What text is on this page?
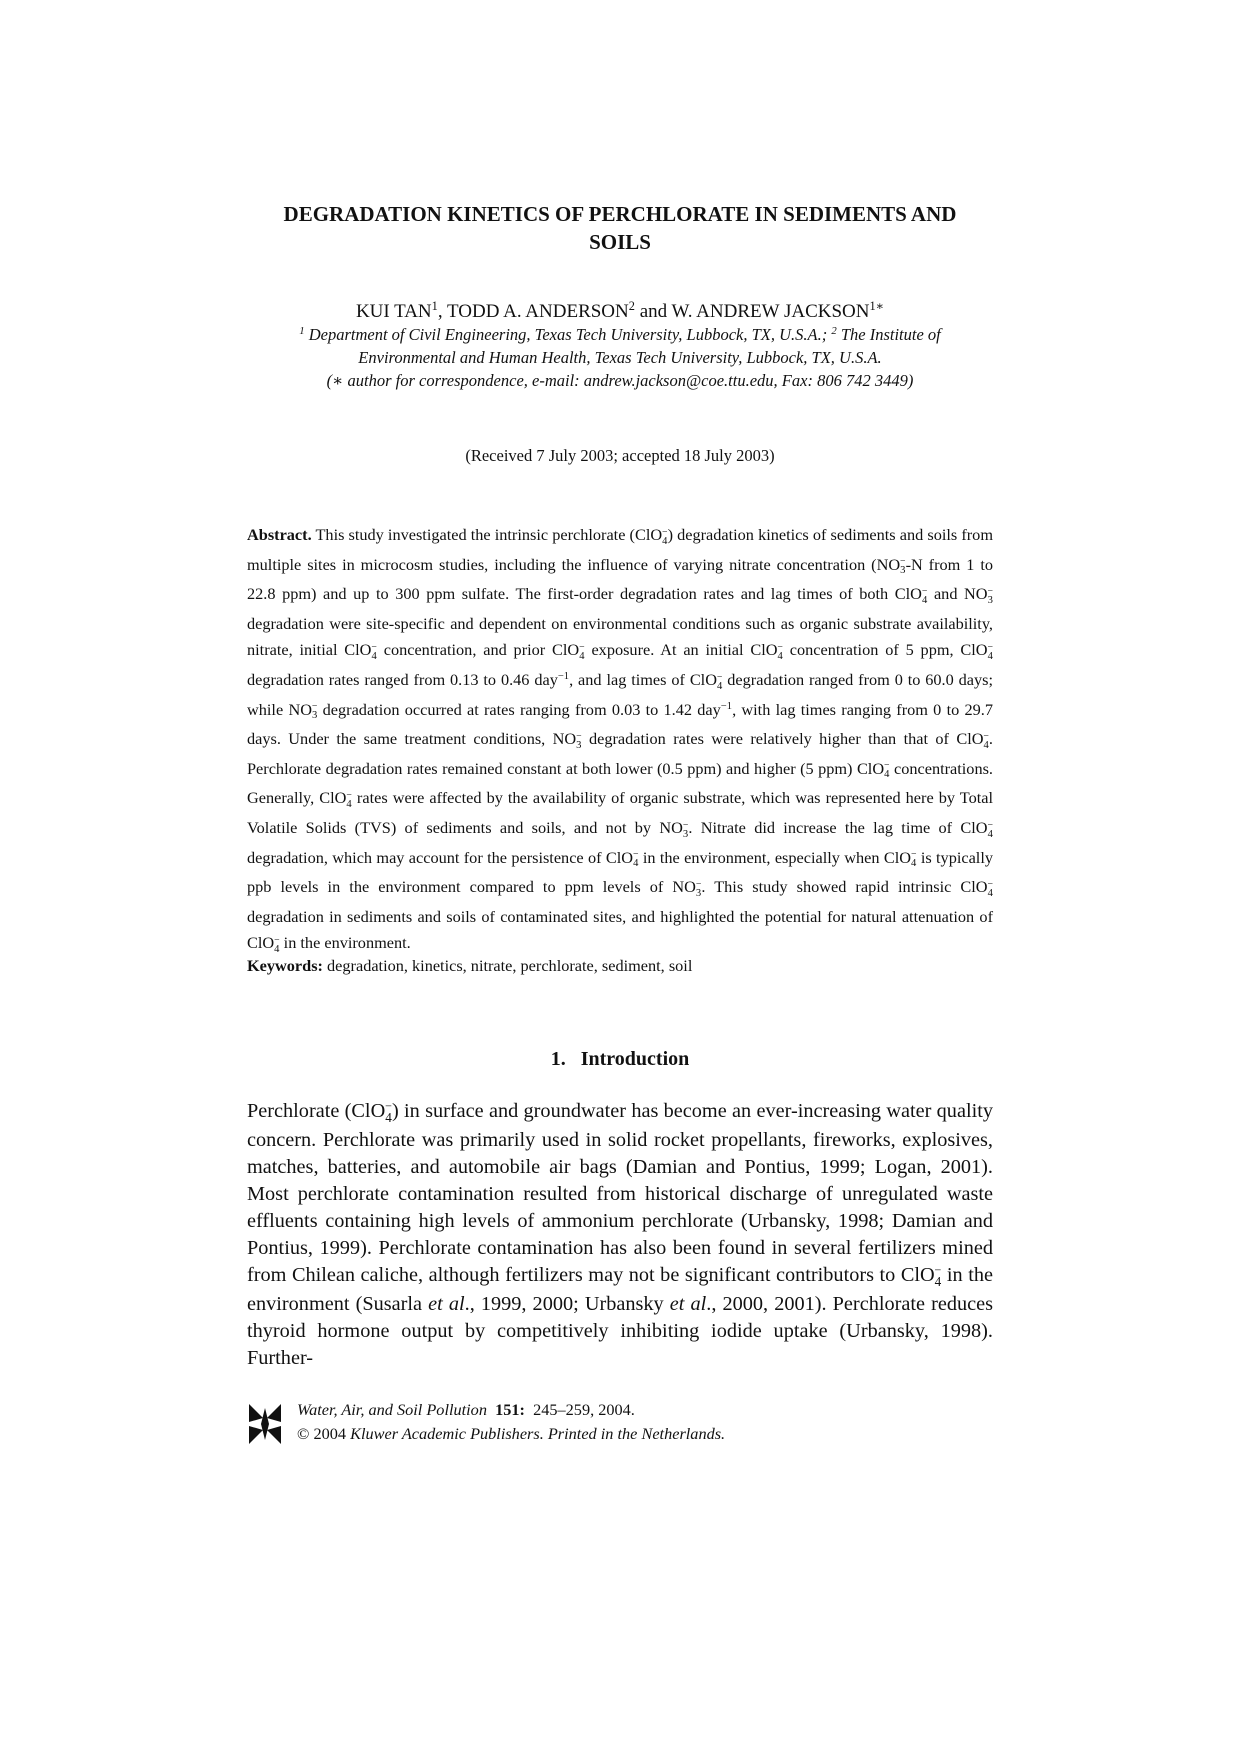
DEGRADATION KINETICS OF PERCHLORATE IN SEDIMENTS AND
SOILS
KUI TAN$^1$, TODD A. ANDERSON$^2$ and W. ANDREW $JACKSON^{1∗}$
$^1$ Department of Civil Engineering, Texas Tech University, Lubbock, TX, U.S.A.; $^2$ The Institute of
Environmental and Human Health, Texas Tech University, Lubbock, TX, U.S.A.
(∗ author for correspondence, e-mail: andrew.jackson@coe.ttu.edu, Fax: 806 742 3449)
(Received 7 July 2003; accepted 18 July 2003)
Abstract. This study investigated the intrinsic perchlorate (ClO$_4$−) degradation kinetics of sediments and soils from multiple sites in microcosm studies, including the influence of varying nitrate concentration ($NO_3^--N$ from 1 to 22.8 ppm) and up to 300 ppm sulfate. The first-order degradation rates and lag times of both ClO$_4$− and $NO_3^-$ degradation were site-specific and dependent on environmental conditions such as organic substrate availability, nitrate, initial ClO$_4$− concentration, and prior ClO$_4$− exposure. At an initial ClO$_4$− concentration of 5 ppm, ClO$_4$− degradation rates ranged from 0.13 to 0.46 day$^{-1}$, and lag times of ClO$_4$− degradation ranged from 0 to 60.0 days; while $NO_3^-$ degradation occurred at rates ranging from 0.03 to 1.42 day$^{-1}$, with lag times ranging from 0 to 29.7 days. Under the same treatment conditions, $NO_3^-$ degradation rates were relatively higher than that of ClO$_4$−. Perchlorate degradation rates remained constant at both lower (0.5 ppm) and higher (5 ppm) ClO$_4$− concentrations. Generally, ClO$_4$− rates were affected by the availability of organic substrate, which was represented here by Total Volatile Solids (TVS) of sediments and soils, and not by $NO_3^-$. Nitrate did increase the lag time of ClO$_4$− degradation, which may account for the persistence of ClO$_4$− in the environment, especially when ClO$_4$− is typically ppb levels in the environment compared to ppm levels of $NO_3^-$. This study showed rapid intrinsic ClO$_4$− degradation in sediments and soils of contaminated sites, and highlighted the potential for natural attenuation of ClO$_4$− in the environment.
Keywords: degradation, kinetics, nitrate, perchlorate, sediment, soil
1.   Introduction
Perchlorate (ClO$_4$−) in surface and groundwater has become an ever-increasing water quality concern. Perchlorate was primarily used in solid rocket propellants, fireworks, explosives, matches, batteries, and automobile air bags (Damian and Pontius, 1999; Logan, 2001). Most perchlorate contamination resulted from historical discharge of unregulated waste effluents containing high levels of ammonium perchlorate (Urbansky, 1998; Damian and Pontius, 1999). Perchlorate contamination has also been found in several fertilizers mined from Chilean caliche, although fertilizers may not be significant contributors to ClO$_4$− in the environment (Susarla et al., 1999, 2000; Urbansky et al., 2000, 2001). Perchlorate reduces thyroid hormone output by competitively inhibiting iodide uptake (Urbansky, 1998). Further-
Water, Air, and Soil Pollution 151: 245–259, 2004.
© 2004 Kluwer Academic Publishers. Printed in the Netherlands.
